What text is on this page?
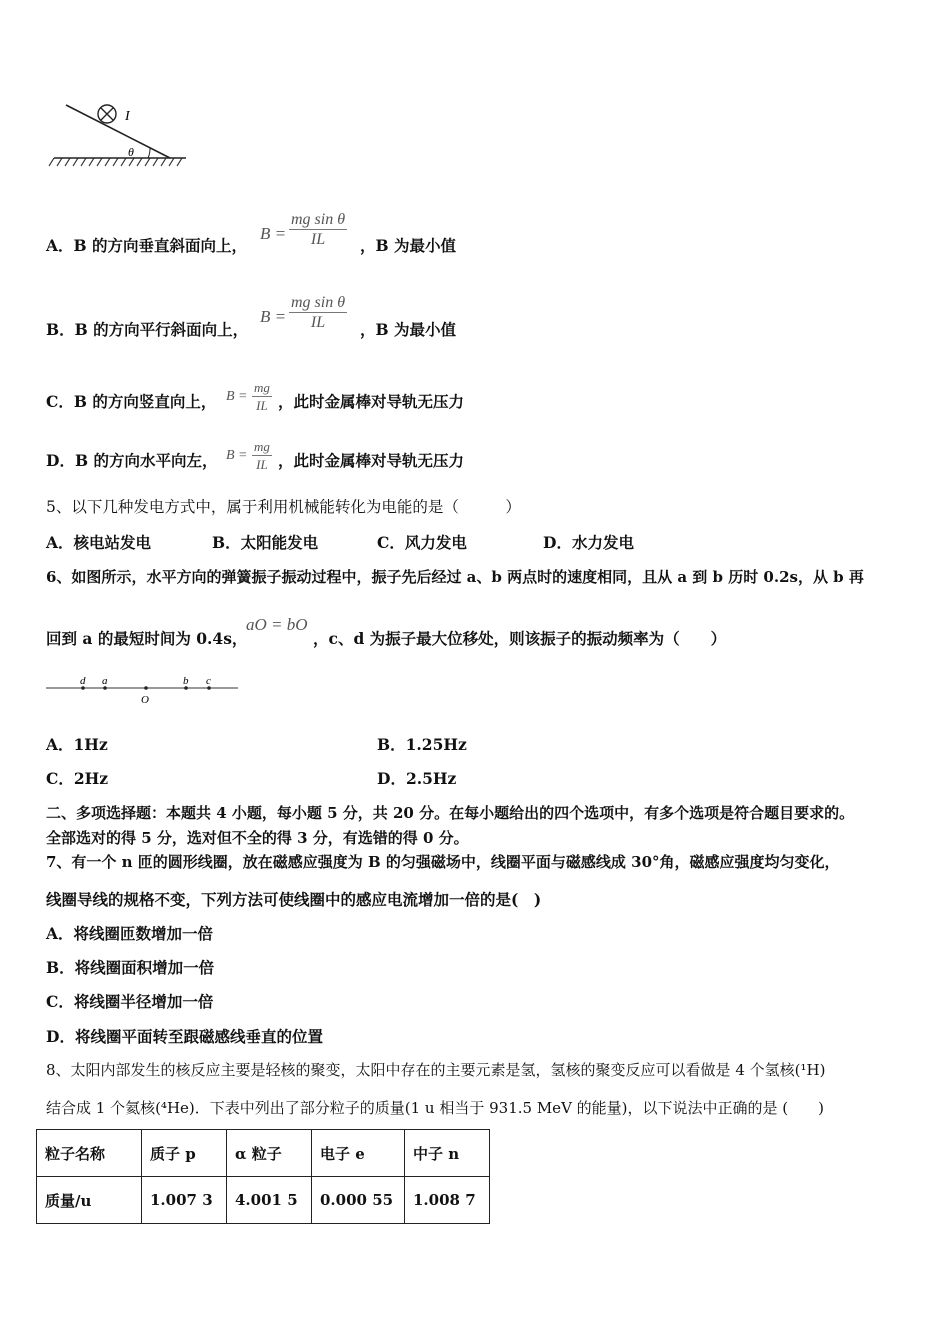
I
θ
A．B 的方向垂直斜面向上，
$B = \frac{\text{mg sin θ}}{IL}$ ，B 为最小值
B．B 的方向平行斜面向上，
$B = \frac{\text{mg sin θ}}{IL}$ ，B 为最小值
C．B 的方向竖直向上， $B = \frac{mg}{IL}$ ，此时金属棒对导轨无压力
D．B 的方向水平向左， $B = \frac{mg}{IL}$ ，此时金属棒对导轨无压力
5、以下几种发电方式中，属于利用机械能转化为电能的是（　　　）
A．核电站发电	B．太阳能发电	C．风力发电	D．水力发电
6、如图所示，水平方向的弹簧振子振动过程中，振子先后经过 a、b 两点时的速度相同，且从 a 到 b 历时 0.2s，从 b 再
回到 a 的最短时间为 0.4s，
aO = bO
，c、d 为振子最大位移处，则该振子的振动频率为（　　）
d a
O
b c
A．1Hz	B．1.25Hz
C．2Hz	D．2.5Hz
二、多项选择题：本题共 4 小题，每小题 5 分，共 20 分。在每小题给出的四个选项中，有多个选项是符合题目要求的。
全部选对的得 5 分，选对但不全的得 3 分，有选错的得 0 分。
7、有一个 n 匝的圆形线圈，放在磁感应强度为 B 的匀强磁场中，线圈平面与磁感线成 30°角，磁感应强度均匀变化，
线圈导线的规格不变，下列方法可使线圈中的感应电流增加一倍的是(　)
A．将线圈匝数增加一倍
B．将线圈面积增加一倍
C．将线圈半径增加一倍
D．将线圈平面转至跟磁感线垂直的位置
8、太阳内部发生的核反应主要是轻核的聚变，太阳中存在的主要元素是氢，氢核的聚变反应可以看做是 4 个氢核(¹H)
结合成 1 个氦核(⁴He)．下表中列出了部分粒子的质量(1 u 相当于 931.5 MeV 的能量)，以下说法中正确的是 (　　)
粒子名称	质子 p	α 粒子	电子 e	中子 n
质量/u	1.007 3	4.001 5	0.000 55	1.008 7
